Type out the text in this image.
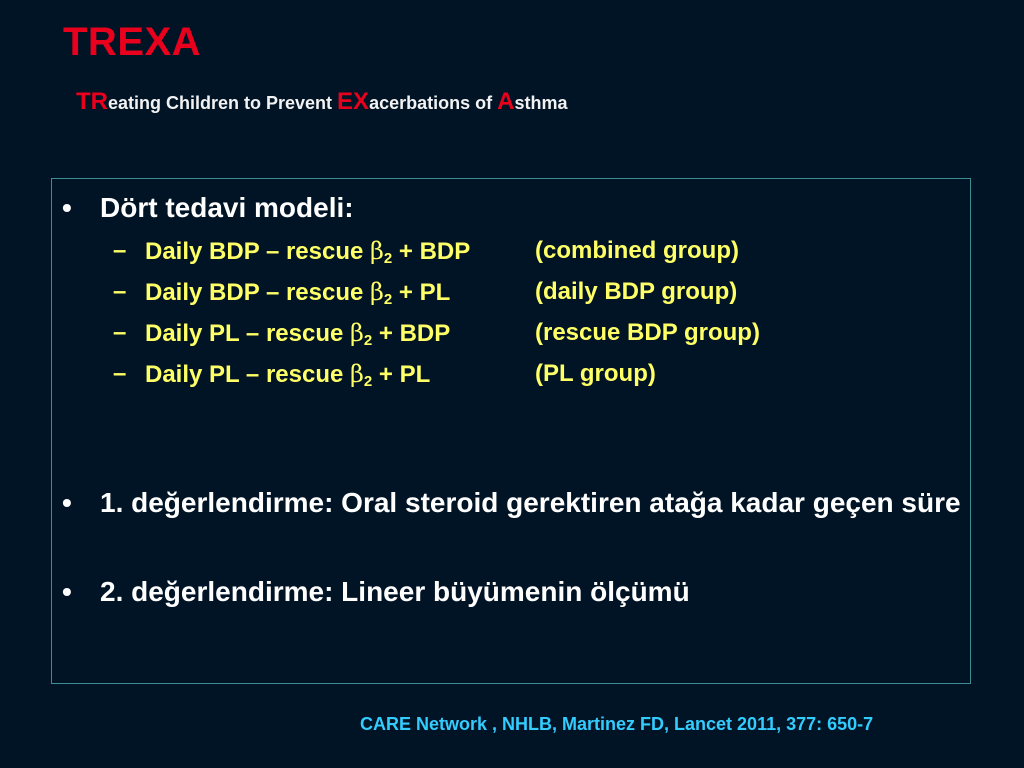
TREXA
TReating Children to Prevent EXacerbations of Asthma
• Dört tedavi modeli:
– Daily BDP – rescue $\beta_2$ + BDP	(combined group)
– Daily BDP – rescue $\beta_2$ + PL	(daily BDP group)
– Daily PL – rescue $\beta_2$ + BDP	(rescue BDP group)
– Daily PL – rescue $\beta_2$ + PL	(PL group)
• 1. değerlendirme: Oral steroid gerektiren atağa kadar geçen süre
• 2. değerlendirme: Lineer büyümenin ölçümü
CARE Network , NHLB, Martinez FD, Lancet 2011, 377: 650-7
